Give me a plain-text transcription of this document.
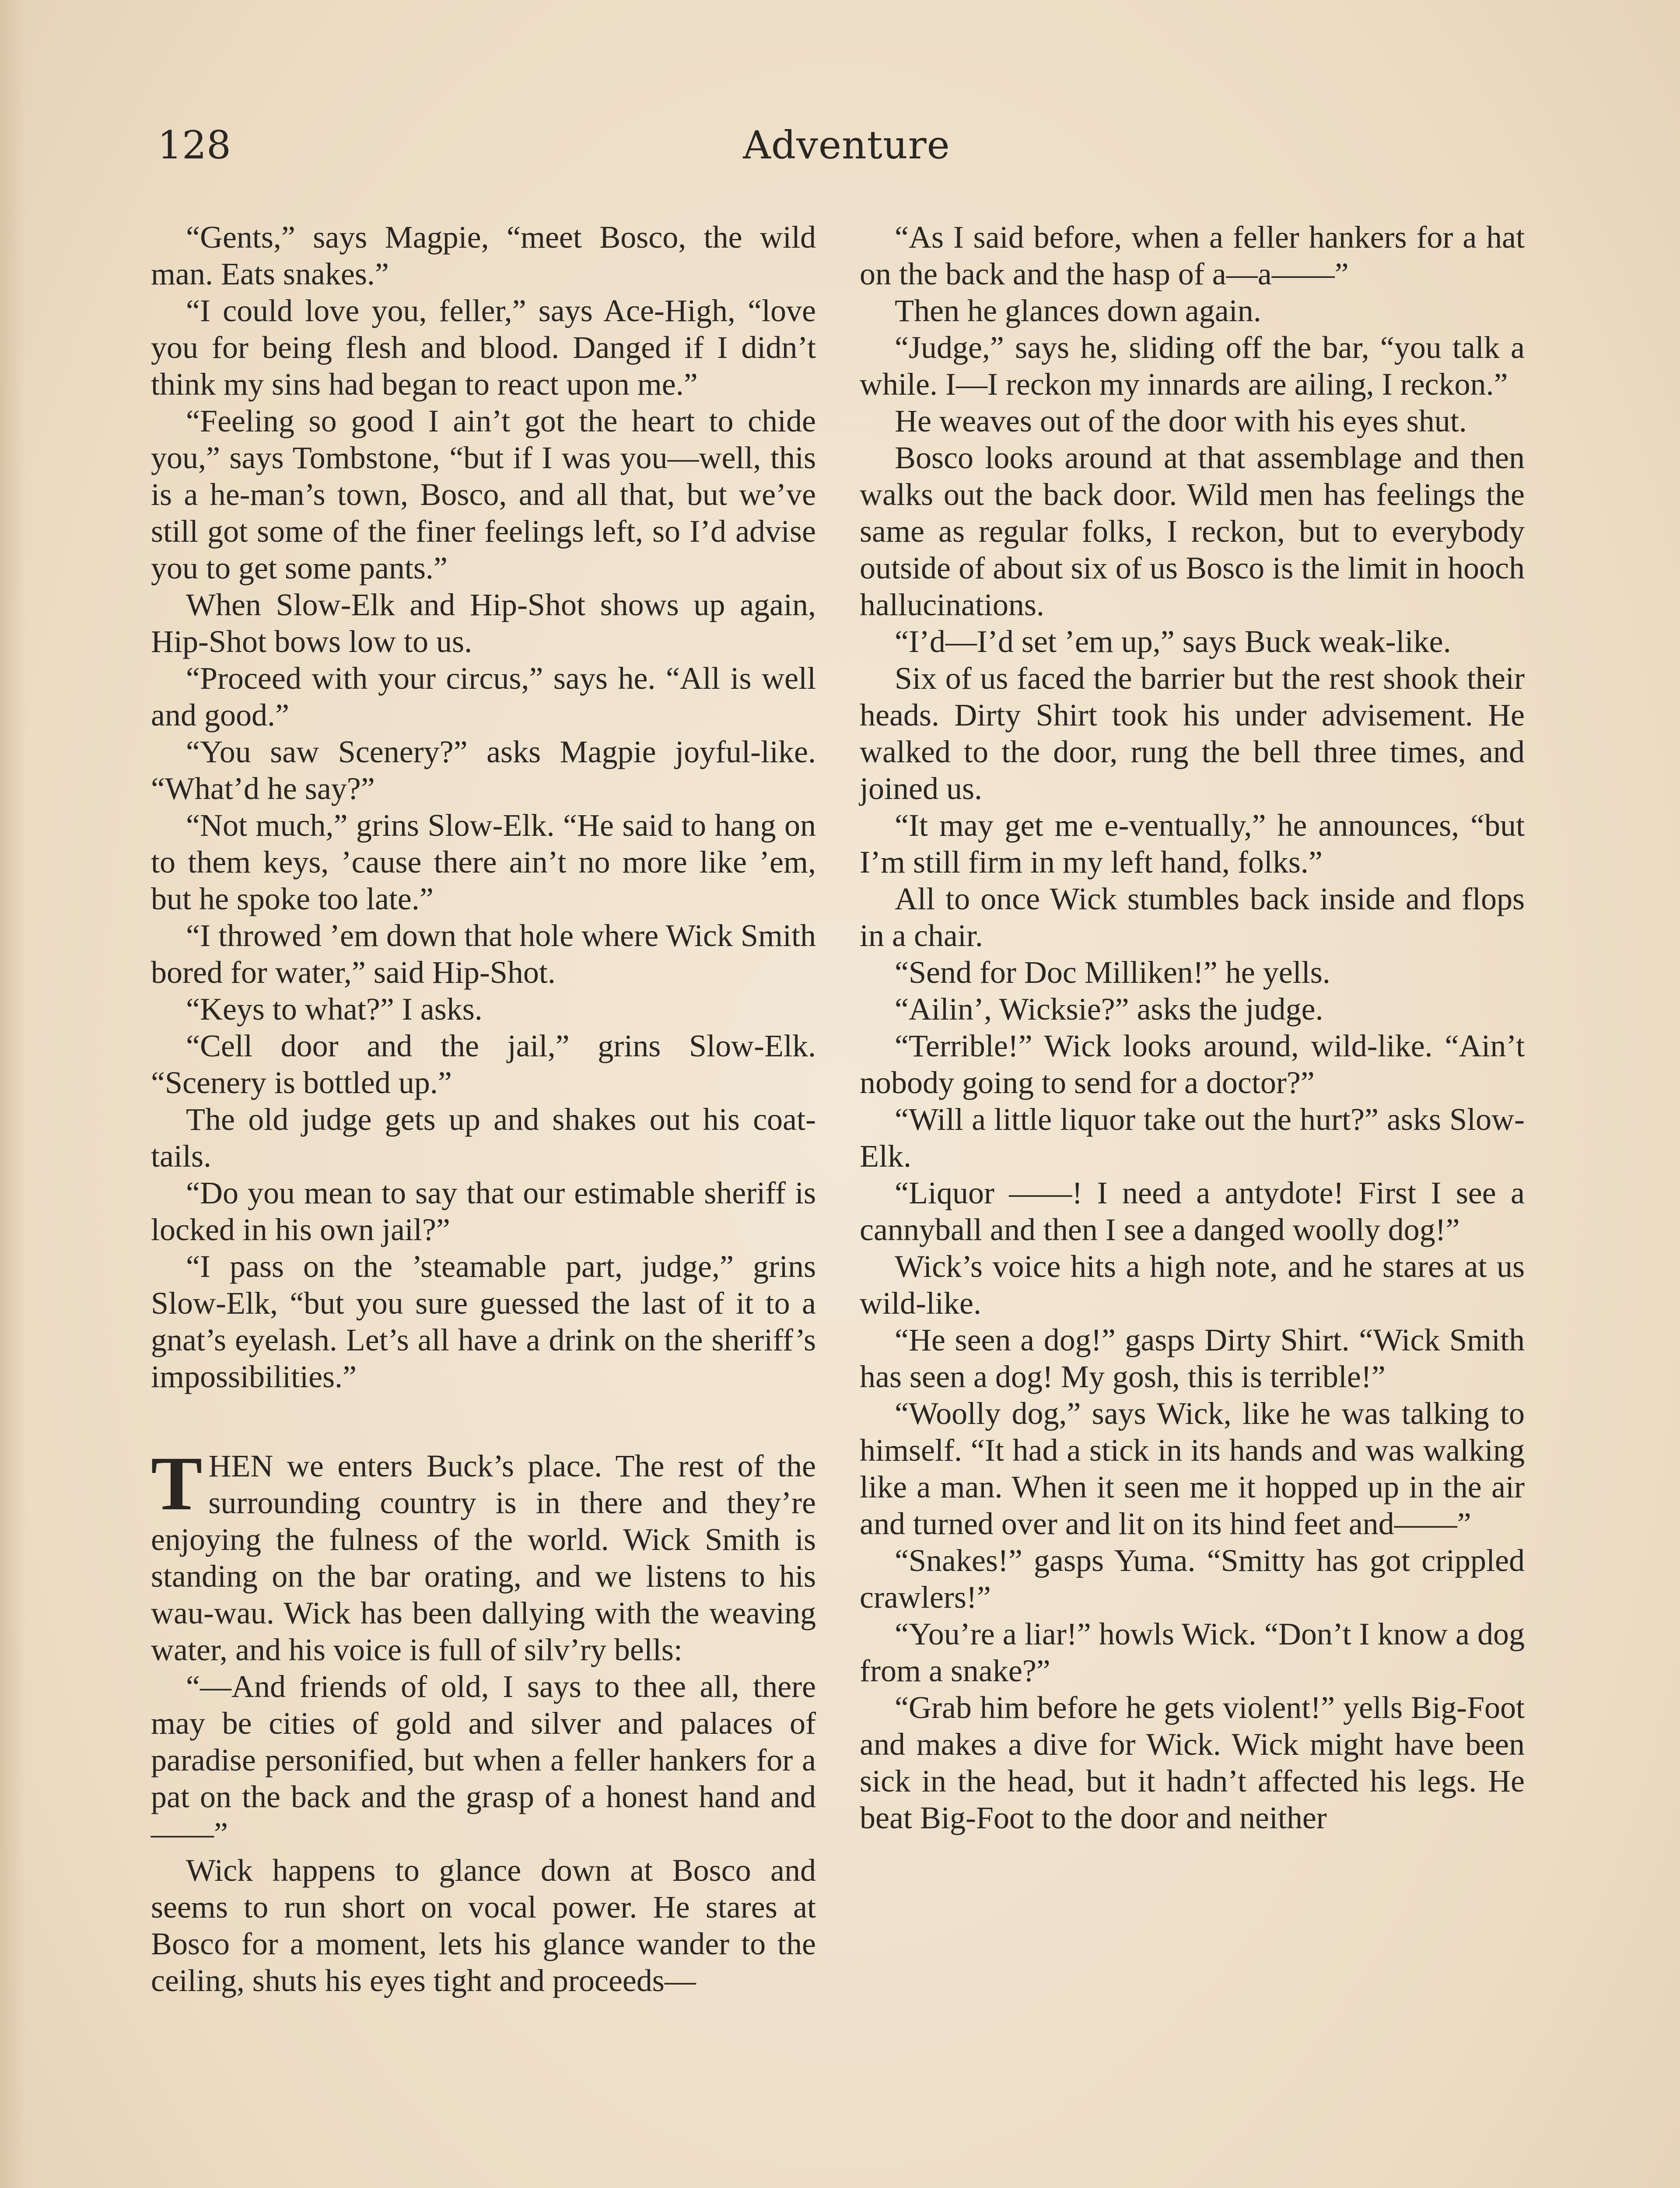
128	Adventure

“Gents,” says Magpie, “meet Bosco, the wild man. Eats snakes.”

“I could love you, feller,” says Ace-High, “love you for being flesh and blood. Danged if I didn’t think my sins had began to react upon me.”

“Feeling so good I ain’t got the heart to chide you,” says Tombstone, “but if I was you—well, this is a he-man’s town, Bosco, and all that, but we’ve still got some of the finer feelings left, so I’d advise you to get some pants.”

When Slow-Elk and Hip-Shot shows up again, Hip-Shot bows low to us.

“Proceed with your circus,” says he. “All is well and good.”

“You saw Scenery?” asks Magpie joyful-like. “What’d he say?”

“Not much,” grins Slow-Elk. “He said to hang on to them keys, ’cause there ain’t no more like ’em, but he spoke too late.”

“I throwed ’em down that hole where Wick Smith bored for water,” said Hip-Shot.

“Keys to what?” I asks.

“Cell door and the jail,” grins Slow-Elk. “Scenery is bottled up.”

The old judge gets up and shakes out his coat-tails.

“Do you mean to say that our estimable sheriff is locked in his own jail?”

“I pass on the ’steamable part, judge,” grins Slow-Elk, “but you sure guessed the last of it to a gnat’s eyelash. Let’s all have a drink on the sheriff’s impossibilities.”

THEN we enters Buck’s place. The rest of the surrounding country is in there and they’re enjoying the fulness of the world. Wick Smith is standing on the bar orating, and we listens to his wau-wau. Wick has been dallying with the weaving water, and his voice is full of silv’ry bells:

“—And friends of old, I says to thee all, there may be cities of gold and silver and palaces of paradise personified, but when a feller hankers for a pat on the back and the grasp of a honest hand and——”

Wick happens to glance down at Bosco and seems to run short on vocal power. He stares at Bosco for a moment, lets his glance wander to the ceiling, shuts his eyes tight and proceeds—

“As I said before, when a feller hankers for a hat on the back and the hasp of a—a——”

Then he glances down again.

“Judge,” says he, sliding off the bar, “you talk a while. I—I reckon my innards are ailing, I reckon.”

He weaves out of the door with his eyes shut.

Bosco looks around at that assemblage and then walks out the back door. Wild men has feelings the same as regular folks, I reckon, but to everybody outside of about six of us Bosco is the limit in hooch hallucinations.

“I’d—I’d set ’em up,” says Buck weak-like.

Six of us faced the barrier but the rest shook their heads. Dirty Shirt took his under advisement. He walked to the door, rung the bell three times, and joined us.

“It may get me e-ventually,” he announces, “but I’m still firm in my left hand, folks.”

All to once Wick stumbles back inside and flops in a chair.

“Send for Doc Milliken!” he yells.

“Ailin’, Wicksie?” asks the judge.

“Terrible!” Wick looks around, wild-like. “Ain’t nobody going to send for a doctor?”

“Will a little liquor take out the hurt?” asks Slow-Elk.

“Liquor ——! I need a antydote! First I see a cannyball and then I see a danged woolly dog!”

Wick’s voice hits a high note, and he stares at us wild-like.

“He seen a dog!” gasps Dirty Shirt. “Wick Smith has seen a dog! My gosh, this is terrible!”

“Woolly dog,” says Wick, like he was talking to himself. “It had a stick in its hands and was walking like a man. When it seen me it hopped up in the air and turned over and lit on its hind feet and——”

“Snakes!” gasps Yuma. “Smitty has got crippled crawlers!”

“You’re a liar!” howls Wick. “Don’t I know a dog from a snake?”

“Grab him before he gets violent!” yells Big-Foot and makes a dive for Wick. Wick might have been sick in the head, but it hadn’t affected his legs. He beat Big-Foot to the door and neither
